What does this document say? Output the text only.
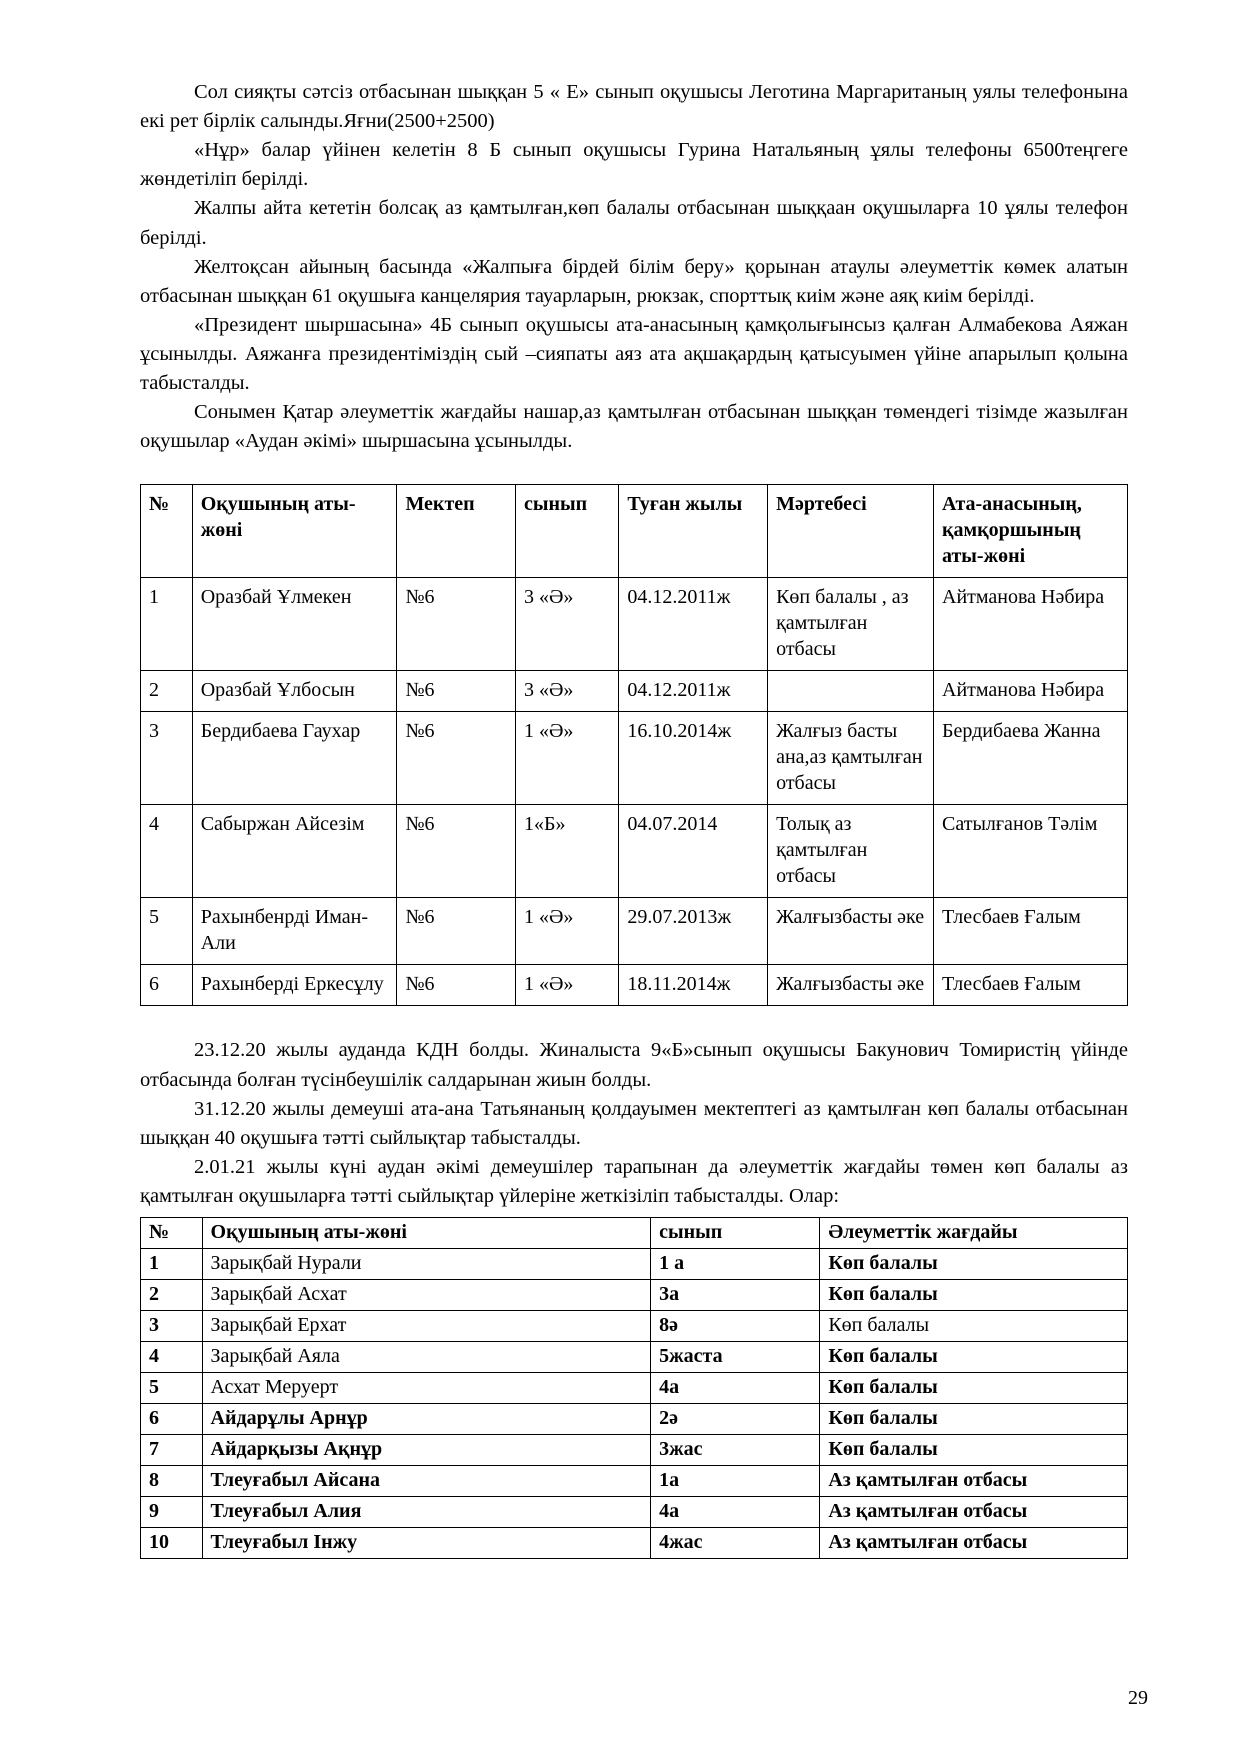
Сол сияқты сәтсіз отбасынан шыққан 5 « Е» сынып оқушысы Леготина Маргаританың уялы телефонына екі рет бірлік салынды.Яғни(2500+2500)

«Нұр» балар үйінен келетін 8 Б сынып оқушысы Гурина Натальяның ұялы телефоны 6500теңгеге жөндетіліп берілді.

Жалпы айта кететін болсақ аз қамтылған,көп балалы отбасынан шыққаан оқушыларға 10 ұялы телефон берілді.

Желтоқсан айының басында «Жалпыға бірдей білім беру» қорынан атаулы әлеуметтік көмек алатын отбасынан шыққан 61 оқушыға канцелярия тауарларын, рюкзак, спорттық киім және аяқ киім берілді.

«Президент шыршасына» 4Б сынып оқушысы ата-анасының қамқолығынсыз қалған Алмабекова Аяжан ұсынылды. Аяжанға президентіміздің сый –сияпаты аяз ата ақшақардың қатысуымен үйіне апарылып қолына табысталды.

Сонымен Қатар әлеуметтік жағдайы нашар,аз қамтылған отбасынан шыққан төмендегі тізімде жазылған оқушылар «Аудан әкімі» шыршасына ұсынылды.

№	Оқушының аты-жөні	Мектеп	сынып	Туған жылы	Мәртебесі	Ата-анасының, қамқоршының аты-жөні
1	Оразбай Ұлмекен	№6	3 «Ә»	04.12.2011ж	Көп балалы , аз қамтылған отбасы	Айтманова Нәбира
2	Оразбай Ұлбосын	№6	3 «Ә»	04.12.2011ж		Айтманова Нәбира
3	Бердибаева Гаухар	№6	1 «Ә»	16.10.2014ж	Жалғыз басты ана,аз қамтылған отбасы	Бердибаева Жанна
4	Сабыржан Айсезім	№6	1«Б»	04.07.2014	Толық аз қамтылған отбасы	Сатылғанов Тәлім
5	Рахынбенрді Иман-Али	№6	1 «Ә»	29.07.2013ж	Жалғызбасты әке	Тлесбаев Ғалым
6	Рахынберді Еркесұлу	№6	1 «Ә»	18.11.2014ж	Жалғызбасты әке	Тлесбаев Ғалым

23.12.20 жылы ауданда КДН болды. Жиналыста 9«Б»сынып оқушысы Бакунович Томиристің үйінде отбасында болған түсінбеушілік салдарынан жиын болды.

31.12.20 жылы демеуші ата-ана Татьянаның қолдауымен мектептегі аз қамтылған көп балалы отбасынан шыққан 40 оқушыға тәтті сыйлықтар табысталды.

2.01.21 жылы күні аудан әкімі демеушілер тарапынан да әлеуметтік жағдайы төмен көп балалы аз қамтылған оқушыларға тәтті сыйлықтар үйлеріне жеткізіліп табысталды. Олар:

№	Оқушының аты-жөні	сынып	Әлеуметтік жағдайы
1	Зарықбай Нурали	1 а	Көп балалы
2	Зарықбай Асхат	3а	Көп балалы
3	Зарықбай Ерхат	8ә	Көп балалы
4	Зарықбай Аяла	5жаста	Көп балалы
5	Асхат Меруерт	4а	Көп балалы
6	Айдарұлы Арнұр	2ә	Көп балалы
7	Айдарқызы Ақнұр	3жас	Көп балалы
8	Тлеуғабыл Айсана	1а	Аз қамтылған отбасы
9	Тлеуғабыл Алия	4а	Аз қамтылған отбасы
10	Тлеуғабыл Інжу	4жас	Аз қамтылған отбасы
29
